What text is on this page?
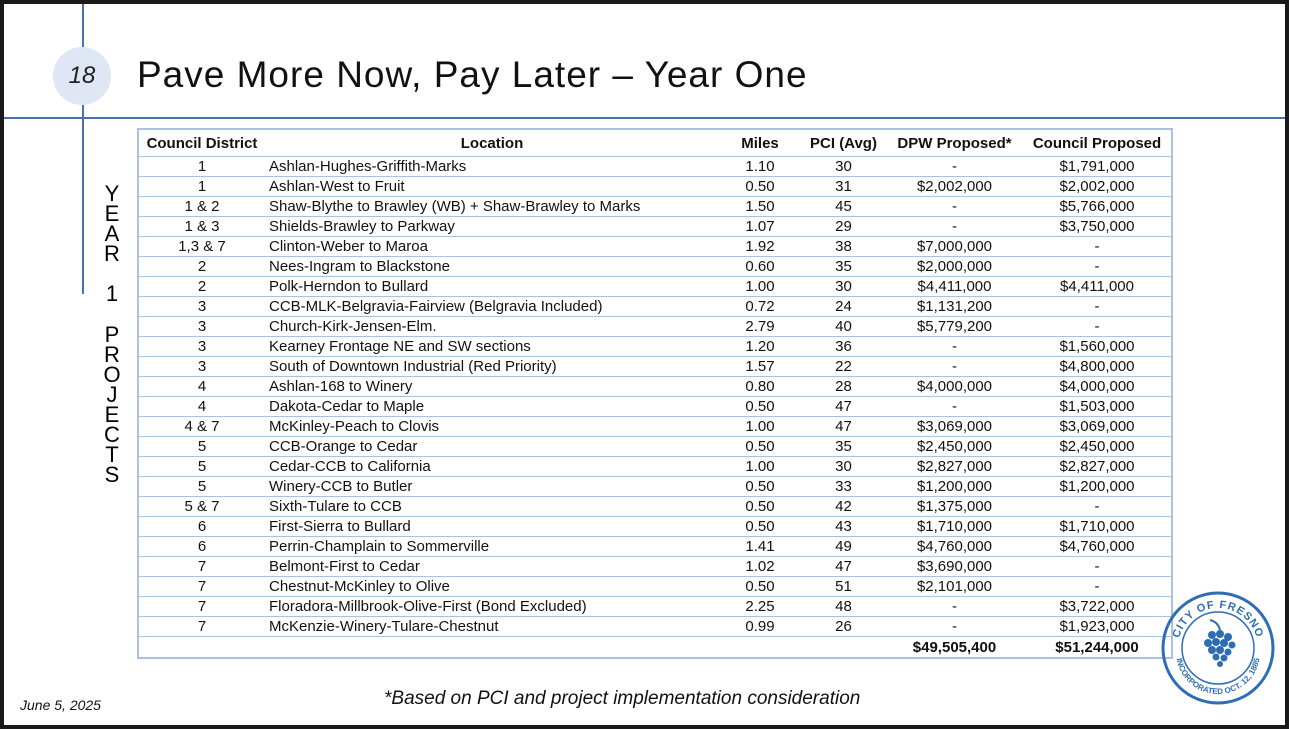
18	Pave More Now, Pay Later – Year One
Y
E
A
R
1
P
R
O
J
E
C
T
S
Council District	Location	Miles	PCI (Avg)	DPW Proposed*	Council Proposed
1	Ashlan-Hughes-Griffith-Marks	1.10	30	-	$1,791,000
1	Ashlan-West to Fruit	0.50	31	$2,002,000	$2,002,000
1 & 2	Shaw-Blythe to Brawley (WB) + Shaw-Brawley to Marks	1.50	45	-	$5,766,000
1 & 3	Shields-Brawley to Parkway	1.07	29	-	$3,750,000
1,3 & 7	Clinton-Weber to Maroa	1.92	38	$7,000,000	-
2	Nees-Ingram to Blackstone	0.60	35	$2,000,000	-
2	Polk-Herndon to Bullard	1.00	30	$4,411,000	$4,411,000
3	CCB-MLK-Belgravia-Fairview (Belgravia Included)	0.72	24	$1,131,200	-
3	Church-Kirk-Jensen-Elm.	2.79	40	$5,779,200	-
3	Kearney Frontage NE and SW sections	1.20	36	-	$1,560,000
3	South of Downtown Industrial (Red Priority)	1.57	22	-	$4,800,000
4	Ashlan-168 to Winery	0.80	28	$4,000,000	$4,000,000
4	Dakota-Cedar to Maple	0.50	47	-	$1,503,000
4 & 7	McKinley-Peach to Clovis	1.00	47	$3,069,000	$3,069,000
5	CCB-Orange to Cedar	0.50	35	$2,450,000	$2,450,000
5	Cedar-CCB to California	1.00	30	$2,827,000	$2,827,000
5	Winery-CCB to Butler	0.50	33	$1,200,000	$1,200,000
5 & 7	Sixth-Tulare to CCB	0.50	42	$1,375,000	-
6	First-Sierra to Bullard	0.50	43	$1,710,000	$1,710,000
6	Perrin-Champlain to Sommerville	1.41	49	$4,760,000	$4,760,000
7	Belmont-First to Cedar	1.02	47	$3,690,000	-
7	Chestnut-McKinley to Olive	0.50	51	$2,101,000	-
7	Floradora-Millbrook-Olive-First (Bond Excluded)	2.25	48	-	$3,722,000
7	McKenzie-Winery-Tulare-Chestnut	0.99	26	-	$1,923,000
				$49,505,400	$51,244,000
*Based on PCI and project implementation consideration
June 5, 2025
CITY OF FRESNO
INCORPORATED OCT. 12, 1885
